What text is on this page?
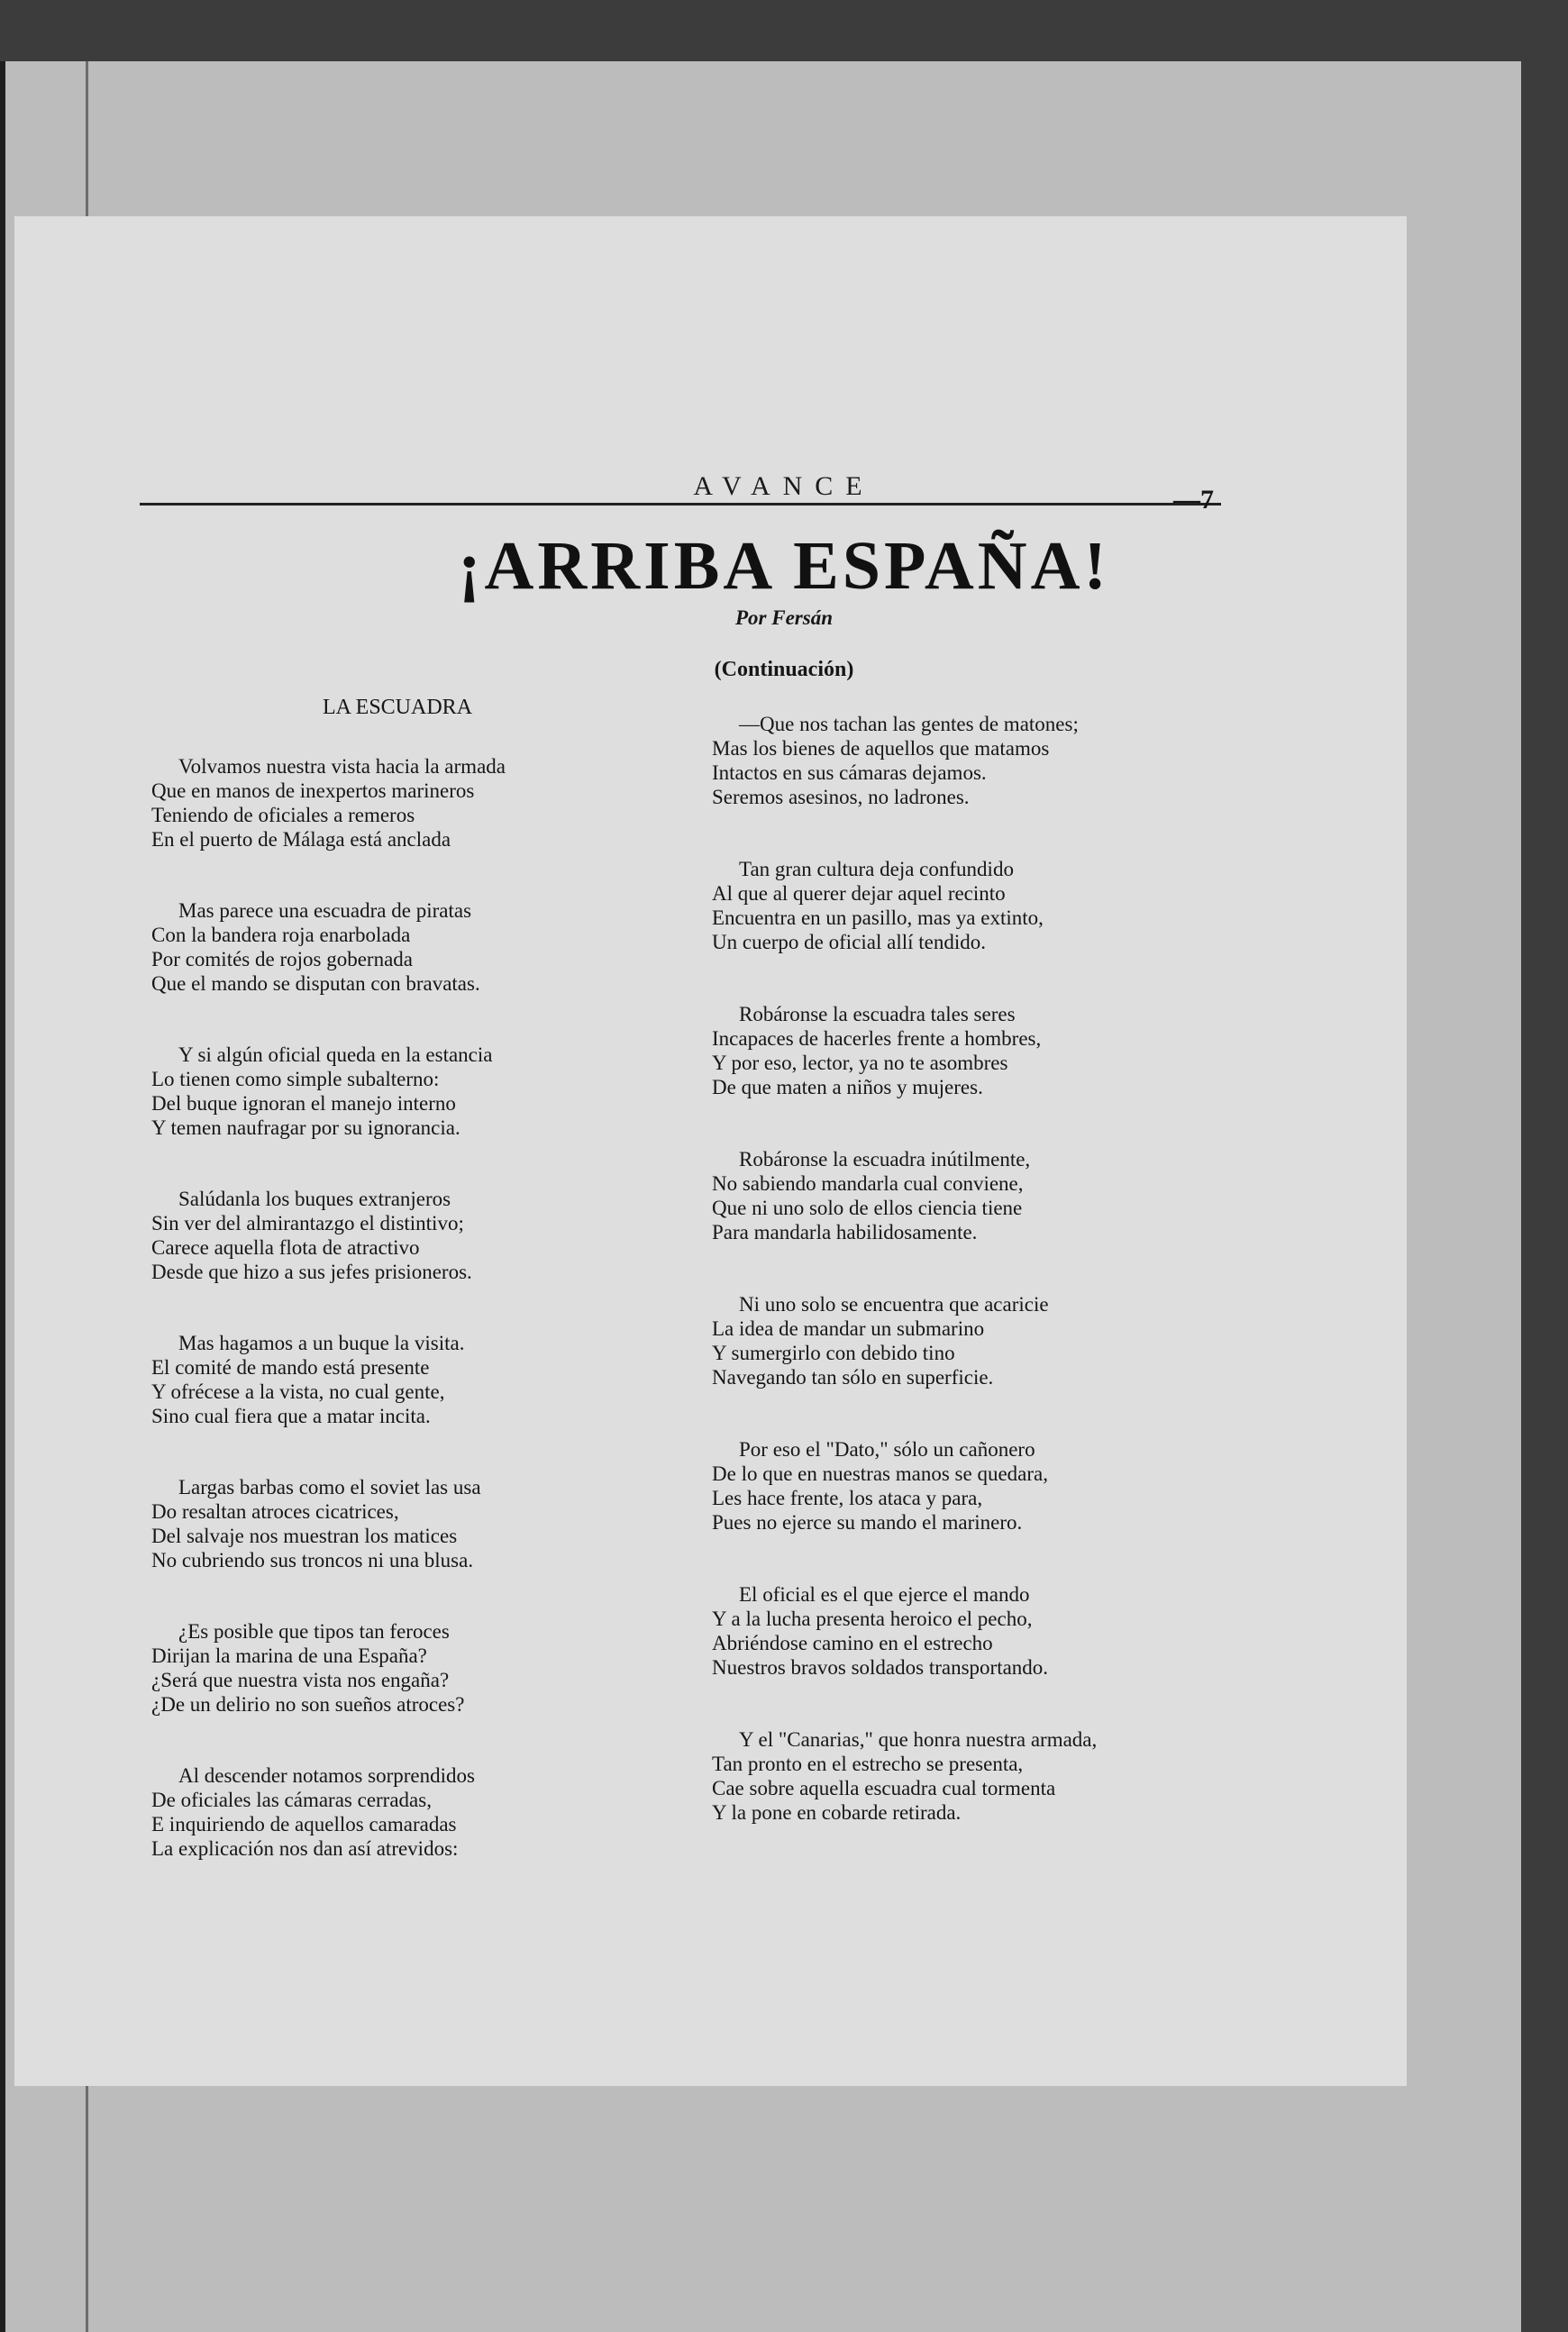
AVANCE	—7
¡ARRIBA ESPAÑA!
Por Fersán
(Continuación)
LA ESCUADRA
Volvamos nuestra vista hacia la armada
Que en manos de inexpertos marineros
Teniendo de oficiales a remeros
En el puerto de Málaga está anclada
Mas parece una escuadra de piratas
Con la bandera roja enarbolada
Por comités de rojos gobernada
Que el mando se disputan con bravatas.
Y si algún oficial queda en la estancia
Lo tienen como simple subalterno:
Del buque ignoran el manejo interno
Y temen naufragar por su ignorancia.
Salúdanla los buques extranjeros
Sin ver del almirantazgo el distintivo;
Carece aquella flota de atractivo
Desde que hizo a sus jefes prisioneros.
Mas hagamos a un buque la visita.
El comité de mando está presente
Y ofrécese a la vista, no cual gente,
Sino cual fiera que a matar incita.
Largas barbas como el soviet las usa
Do resaltan atroces cicatrices,
Del salvaje nos muestran los matices
No cubriendo sus troncos ni una blusa.
¿Es posible que tipos tan feroces
Dirijan la marina de una España?
¿Será que nuestra vista nos engaña?
¿De un delirio no son sueños atroces?
Al descender notamos sorprendidos
De oficiales las cámaras cerradas,
E inquiriendo de aquellos camaradas
La explicación nos dan así atrevidos:
—Que nos tachan las gentes de matones;
Mas los bienes de aquellos que matamos
Intactos en sus cámaras dejamos.
Seremos asesinos, no ladrones.
Tan gran cultura deja confundido
Al que al querer dejar aquel recinto
Encuentra en un pasillo, mas ya extinto,
Un cuerpo de oficial allí tendido.
Robáronse la escuadra tales seres
Incapaces de hacerles frente a hombres,
Y por eso, lector, ya no te asombres
De que maten a niños y mujeres.
Robáronse la escuadra inútilmente,
No sabiendo mandarla cual conviene,
Que ni uno solo de ellos ciencia tiene
Para mandarla habilidosamente.
Ni uno solo se encuentra que acaricie
La idea de mandar un submarino
Y sumergirlo con debido tino
Navegando tan sólo en superficie.
Por eso el "Dato," sólo un cañonero
De lo que en nuestras manos se quedara,
Les hace frente, los ataca y para,
Pues no ejerce su mando el marinero.
El oficial es el que ejerce el mando
Y a la lucha presenta heroico el pecho,
Abriéndose camino en el estrecho
Nuestros bravos soldados transportando.
Y el "Canarias," que honra nuestra armada,
Tan pronto en el estrecho se presenta,
Cae sobre aquella escuadra cual tormenta
Y la pone en cobarde retirada.
